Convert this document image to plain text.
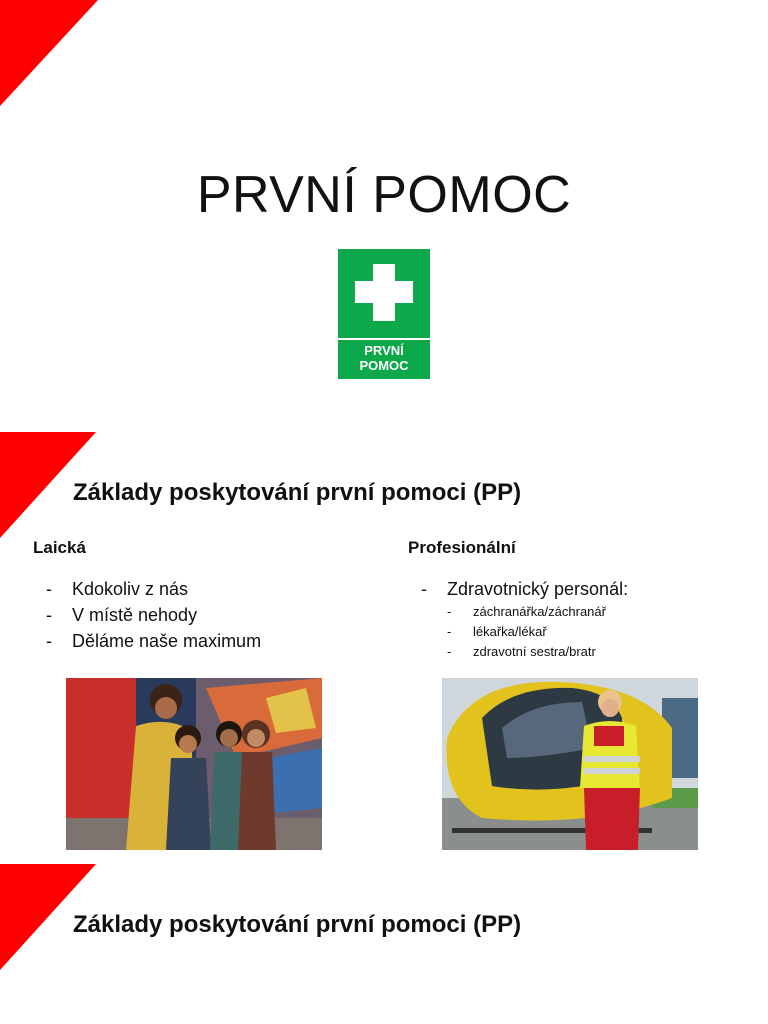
PRVNÍ POMOC
PRVNÍ
POMOC
Základy poskytování první pomoci (PP)
Laická
- Kdokoliv z nás
- V místě nehody
- Děláme naše maximum
Profesionální
- Zdravotnický personál:
- záchranářka/záchranář
- lékařka/lékař
- zdravotní sestra/bratr
Základy poskytování první pomoci (PP)
